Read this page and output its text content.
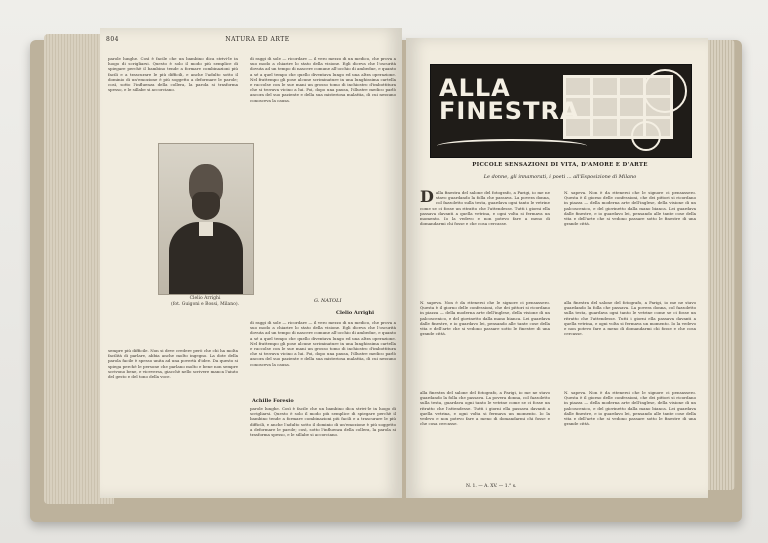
804	NATURA ED ARTE
parole lunghe. Così è facile che un bambino dica strivi-le in luogo di scrigliarsi. Questo è solo il modo più semplice di spiegare perchè il bambino tende a formare combinazioni più facili e a trascurare le più difficili, e anche l'adulto sotto il dominio di un'emozione è più soggetto a deformare le parole; così, sotto l'influenza della collera, la parola si trasforma spesso, e le sillabe si accorciano.
di raggi di sole — ricordare — il vero mezzo di un medico, che prova a suo modo a chiarire lo stato della visione. Egli diceva che l'oscurità dovuta ad un tempo di nascere comune all'occhio di ambedue, e quanto a sé a quel tempo che quello diventava lungo ed una altra operazione. Nel frattempo gli pose alcune scriminature in una lunghissima cartella e raccolse con le sue mani un grosso tomo di inchiostro d'imbottitura che si trovava vicino a lui. Poi, dopo una pausa, l'illustre medico parlò ancora del suo paziente e della sua misteriosa malattia, di cui nessuno conosceva la causa.
Clelio Arrighi
(fot. Guigoni e Bossi, Milano).
G. NATOLI
Clelio Arrighi
Achille Foresio
sempre più difficile. Non si deve credere però che chi ha molta facilità di parlare, abbia anche molto ingegno. La dote della parola facile è spesso unita ad una povertà d'idee. Da questo si spiega perchè le persone che parlano molto e bene non sempre scrivono bene, e viceversa, giacchè nello scrivere manca l'aiuto del gesto e del tono della voce.
di raggi di sole — ricordare — il vero mezzo di un medico, che prova a suo modo a chiarire lo stato della visione. Egli diceva che l'oscurità dovuta ad un tempo di nascere comune all'occhio di ambedue, e quanto a sé a quel tempo che quello diventava lungo ed una altra operazione. Nel frattempo gli pose alcune scriminature in una lunghissima cartella e raccolse con le sue mani un grosso tomo di inchiostro d'imbottitura che si trovava vicino a lui. Poi, dopo una pausa, l'illustre medico parlò ancora del suo paziente e della sua misteriosa malattia, di cui nessuno conosceva la causa.
parole lunghe. Così è facile che un bambino dica strivi-le in luogo di scrigliarsi. Questo è solo il modo più semplice di spiegare perchè il bambino tende a formare combinazioni più facili e a trascurare le più difficili, e anche l'adulto sotto il dominio di un'emozione è più soggetto a deformare le parole; così, sotto l'influenza della collera, la parola si trasforma spesso, e le sillabe si accorciano.
ALLA
FINESTRA
PICCOLE SENSAZIONI DI VITA, D'AMORE E D'ARTE
Le donne, gli innamorati, i poeti ... all'Esposizione di Milano
D alla finestra del salone del fotografo, a Parigi, io me ne stavo guardando la folla che passava. La povera donna, col fazzoletto sulla testa, guardava ogni tanto le vetrine come se ci fosse un ritratto che l'attendesse. Tutti i giorni ella passava davanti a quella vetrina, e ogni volta si fermava un momento. Io la vedevo e non potevo fare a meno di domandarmi chi fosse e che cosa cercasse.
N. sapeva. Non è da ritenersi che le signore ci pensassero. Questa è il giorno delle confessioni, che dei pittori si ricordano in piazza — della moderna arte dell'inglese, della visione di un palcoscenico, e del giovinetto dalla mano bianca. Lei guardava dalle finestre, e io guardavo lei, pensando alle tante cose della vita e dell'arte che si vedono passare sotto le finestre di una grande città.
N. sapeva. Non è da ritenersi che le signore ci pensassero. Questa è il giorno delle confessioni, che dei pittori si ricordano in piazza — della moderna arte dell'inglese, della visione di un palcoscenico, e del giovinetto dalla mano bianca. Lei guardava dalle finestre, e io guardavo lei, pensando alle tante cose della vita e dell'arte che si vedono passare sotto le finestre di una grande città.
alla finestra del salone del fotografo, a Parigi, io me ne stavo guardando la folla che passava. La povera donna, col fazzoletto sulla testa, guardava ogni tanto le vetrine come se ci fosse un ritratto che l'attendesse. Tutti i giorni ella passava davanti a quella vetrina, e ogni volta si fermava un momento. Io la vedevo e non potevo fare a meno di domandarmi chi fosse e che cosa cercasse.
alla finestra del salone del fotografo, a Parigi, io me ne stavo guardando la folla che passava. La povera donna, col fazzoletto sulla testa, guardava ogni tanto le vetrine come se ci fosse un ritratto che l'attendesse. Tutti i giorni ella passava davanti a quella vetrina, e ogni volta si fermava un momento. Io la vedevo e non potevo fare a meno di domandarmi chi fosse e che cosa cercasse.
N. sapeva. Non è da ritenersi che le signore ci pensassero. Questa è il giorno delle confessioni, che dei pittori si ricordano in piazza — della moderna arte dell'inglese, della visione di un palcoscenico, e del giovinetto dalla mano bianca. Lei guardava dalle finestre, e io guardavo lei, pensando alle tante cose della vita e dell'arte che si vedono passare sotto le finestre di una grande città.
N. 1. — A. XV. — 1.° s.
